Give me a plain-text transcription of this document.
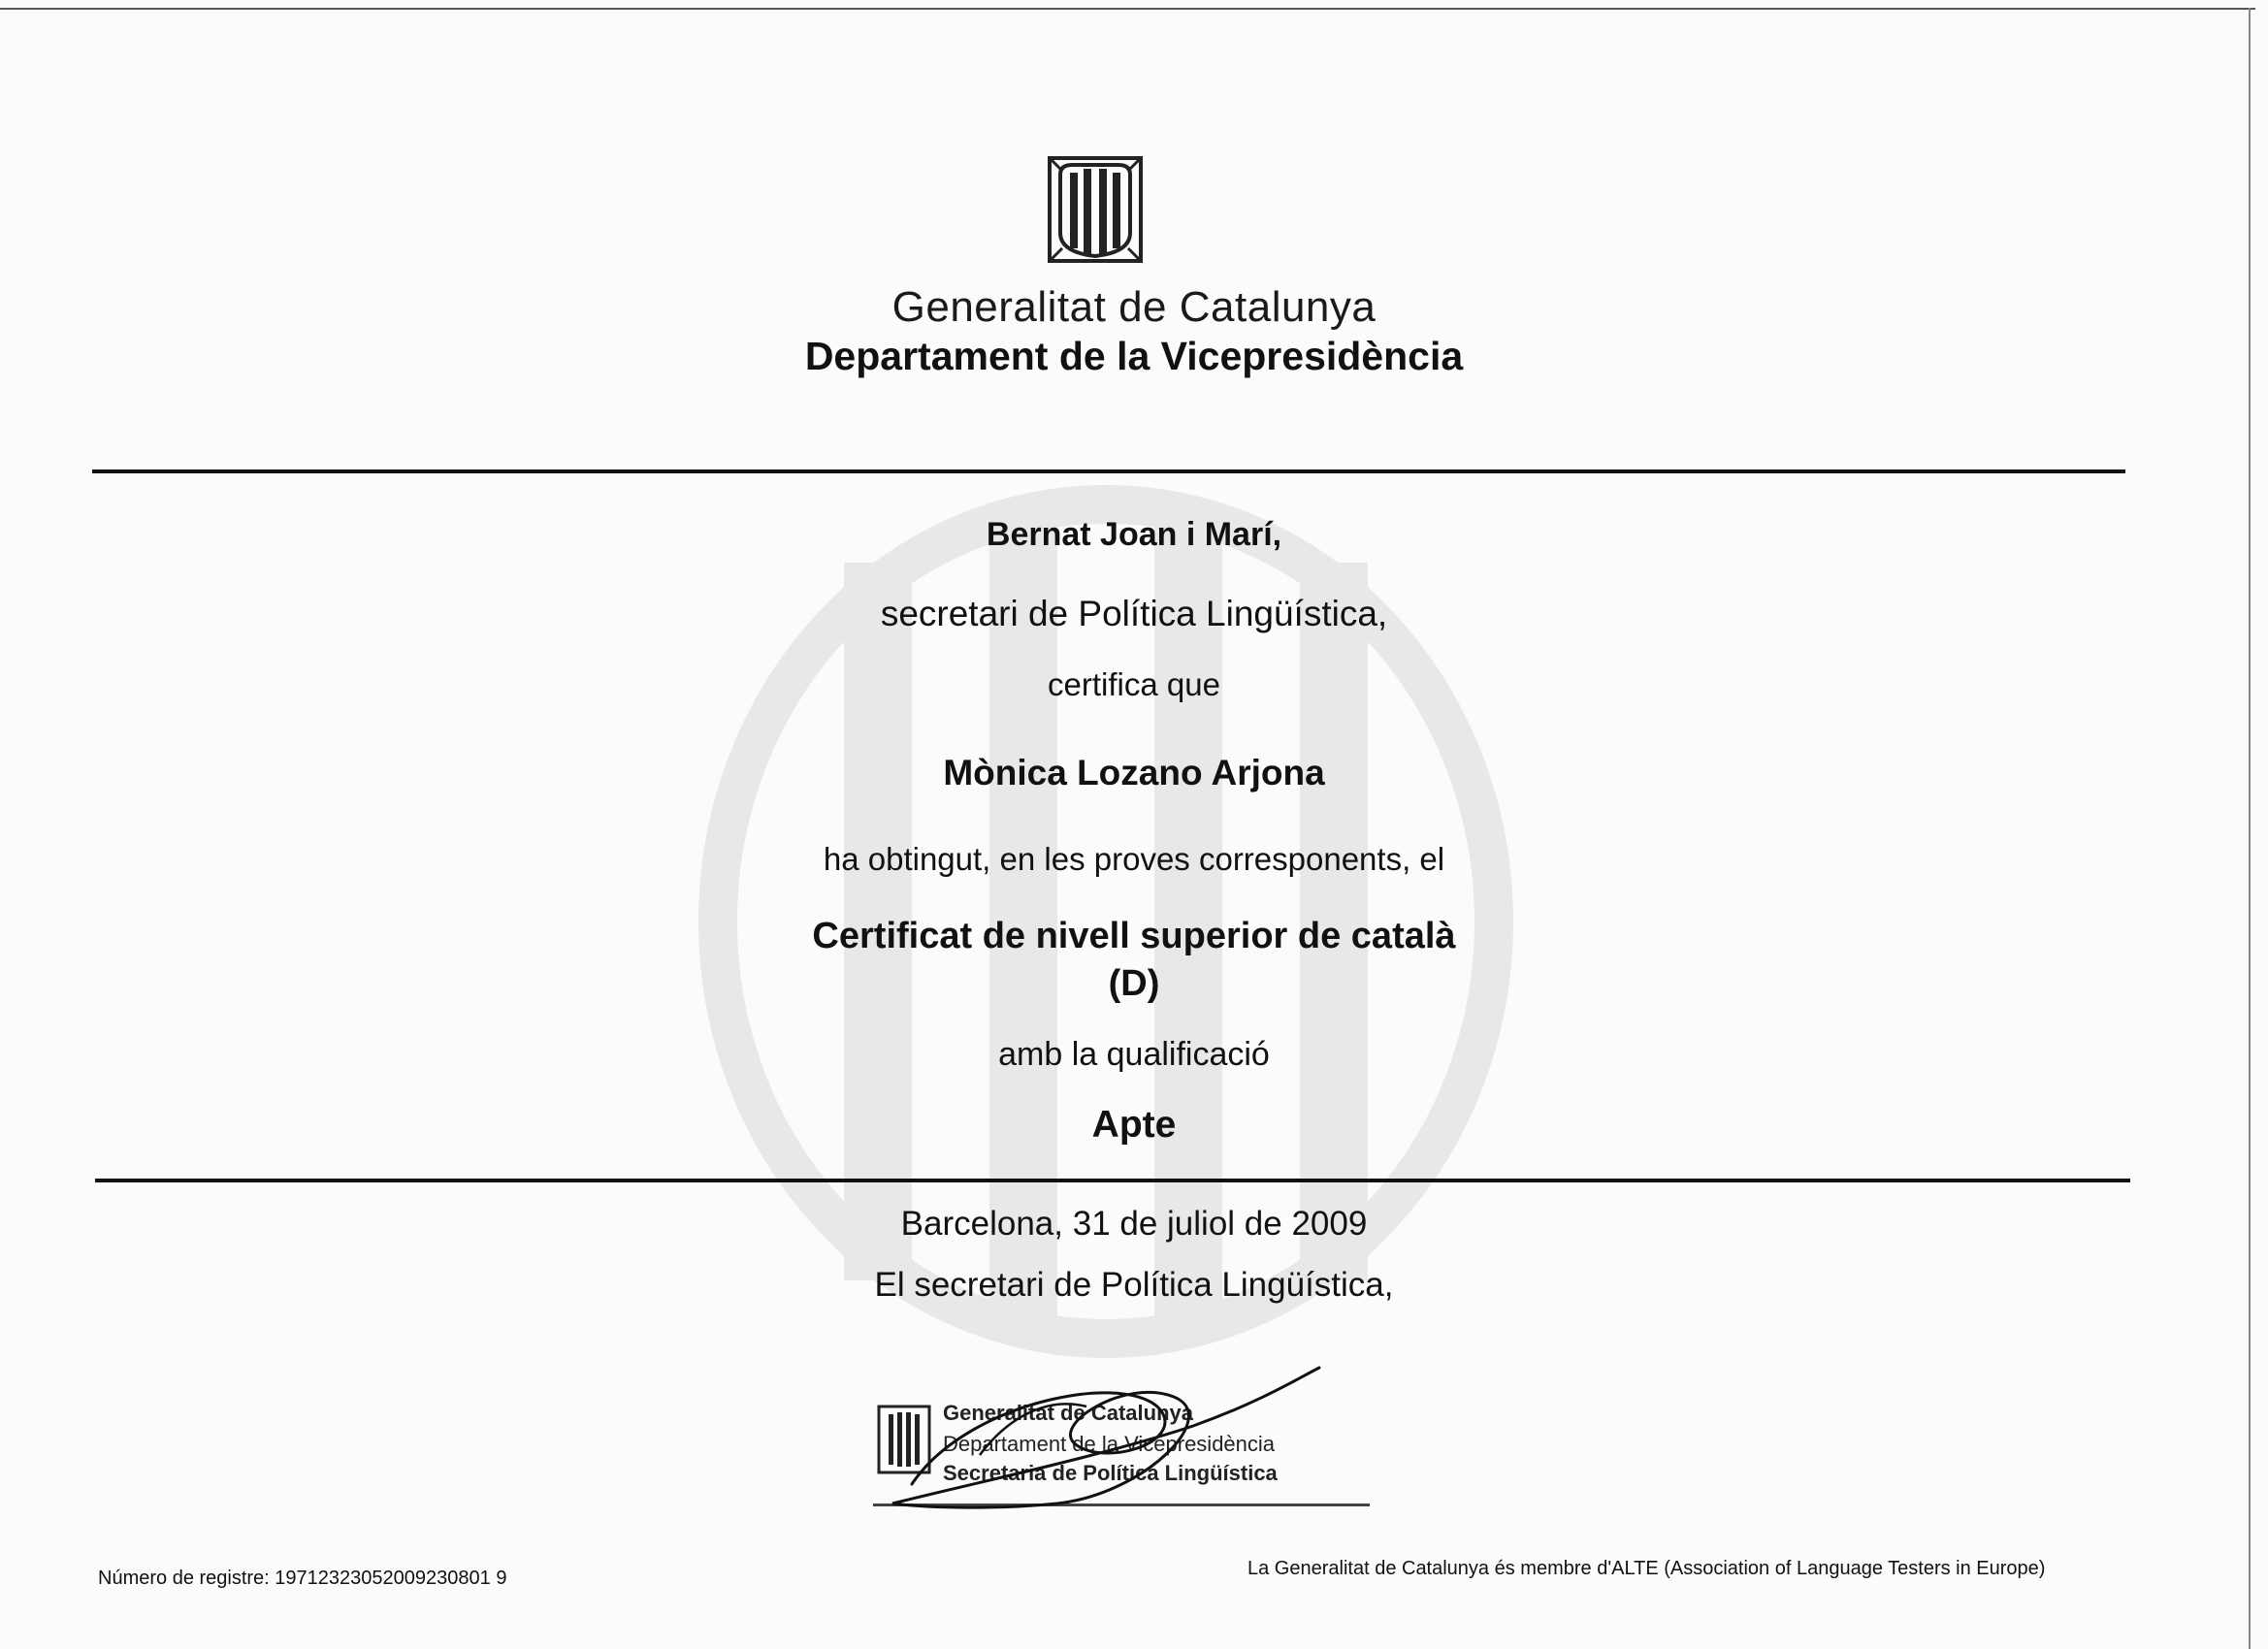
Generalitat de Catalunya
Departament de la Vicepresidència
Bernat Joan i Marí,
secretari de Política Lingüística,
certifica que
Mònica Lozano Arjona
ha obtingut, en les proves corresponents, el
Certificat de nivell superior de català
(D)
amb la qualificació
Apte
Barcelona, 31 de juliol de 2009
El secretari de Política Lingüística,
Generalitat de Catalunya
Departament de la Vicepresidència
Secretaria de Política Lingüística
Número de registre: 19712323052009230801 9	La Generalitat de Catalunya és membre d'ALTE (Association of Language Testers in Europe)
